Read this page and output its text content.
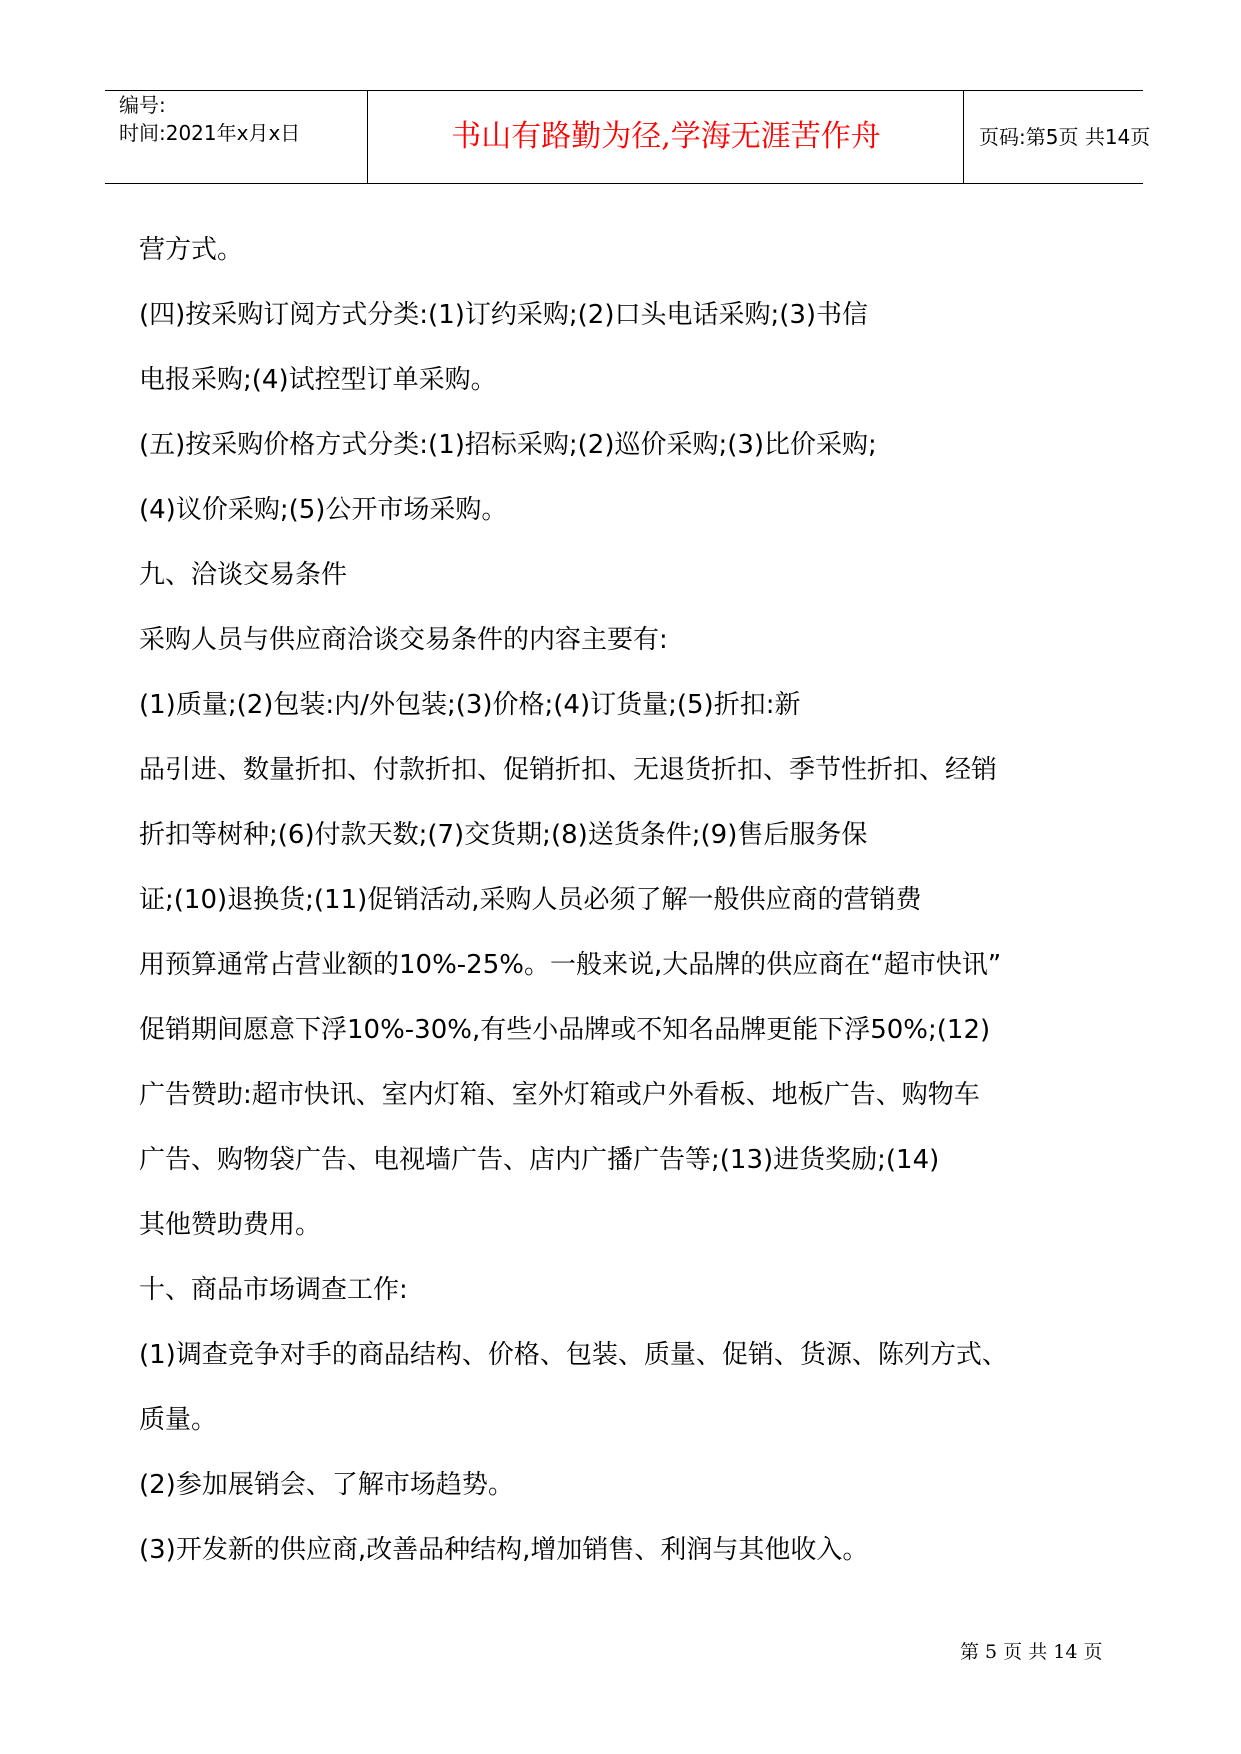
编号:
时间:2021年x月x日	书山有路勤为径,学海无涯苦作舟	页码:第5页 共14页
营方式。
(四)按采购订阅方式分类:(1)订约采购;(2)口头电话采购;(3)书信
电报采购;(4)试控型订单采购。
(五)按采购价格方式分类:(1)招标采购;(2)巡价采购;(3)比价采购;
(4)议价采购;(5)公开市场采购。
九、洽谈交易条件
采购人员与供应商洽谈交易条件的内容主要有:
(1)质量;(2)包装:内/外包装;(3)价格;(4)订货量;(5)折扣:新
品引进、数量折扣、付款折扣、促销折扣、无退货折扣、季节性折扣、经销
折扣等树种;(6)付款天数;(7)交货期;(8)送货条件;(9)售后服务保
证;(10)退换货;(11)促销活动,采购人员必须了解一般供应商的营销费
用预算通常占营业额的10%-25%。一般来说,大品牌的供应商在“超市快讯”
促销期间愿意下浮10%-30%,有些小品牌或不知名品牌更能下浮50%;(12)
广告赞助:超市快讯、室内灯箱、室外灯箱或户外看板、地板广告、购物车
广告、购物袋广告、电视墙广告、店内广播广告等;(13)进货奖励;(14)
其他赞助费用。
十、商品市场调查工作:
(1)调查竞争对手的商品结构、价格、包装、质量、促销、货源、陈列方式、
质量。
(2)参加展销会、了解市场趋势。
(3)开发新的供应商,改善品种结构,增加销售、利润与其他收入。
第 5 页 共 14 页
